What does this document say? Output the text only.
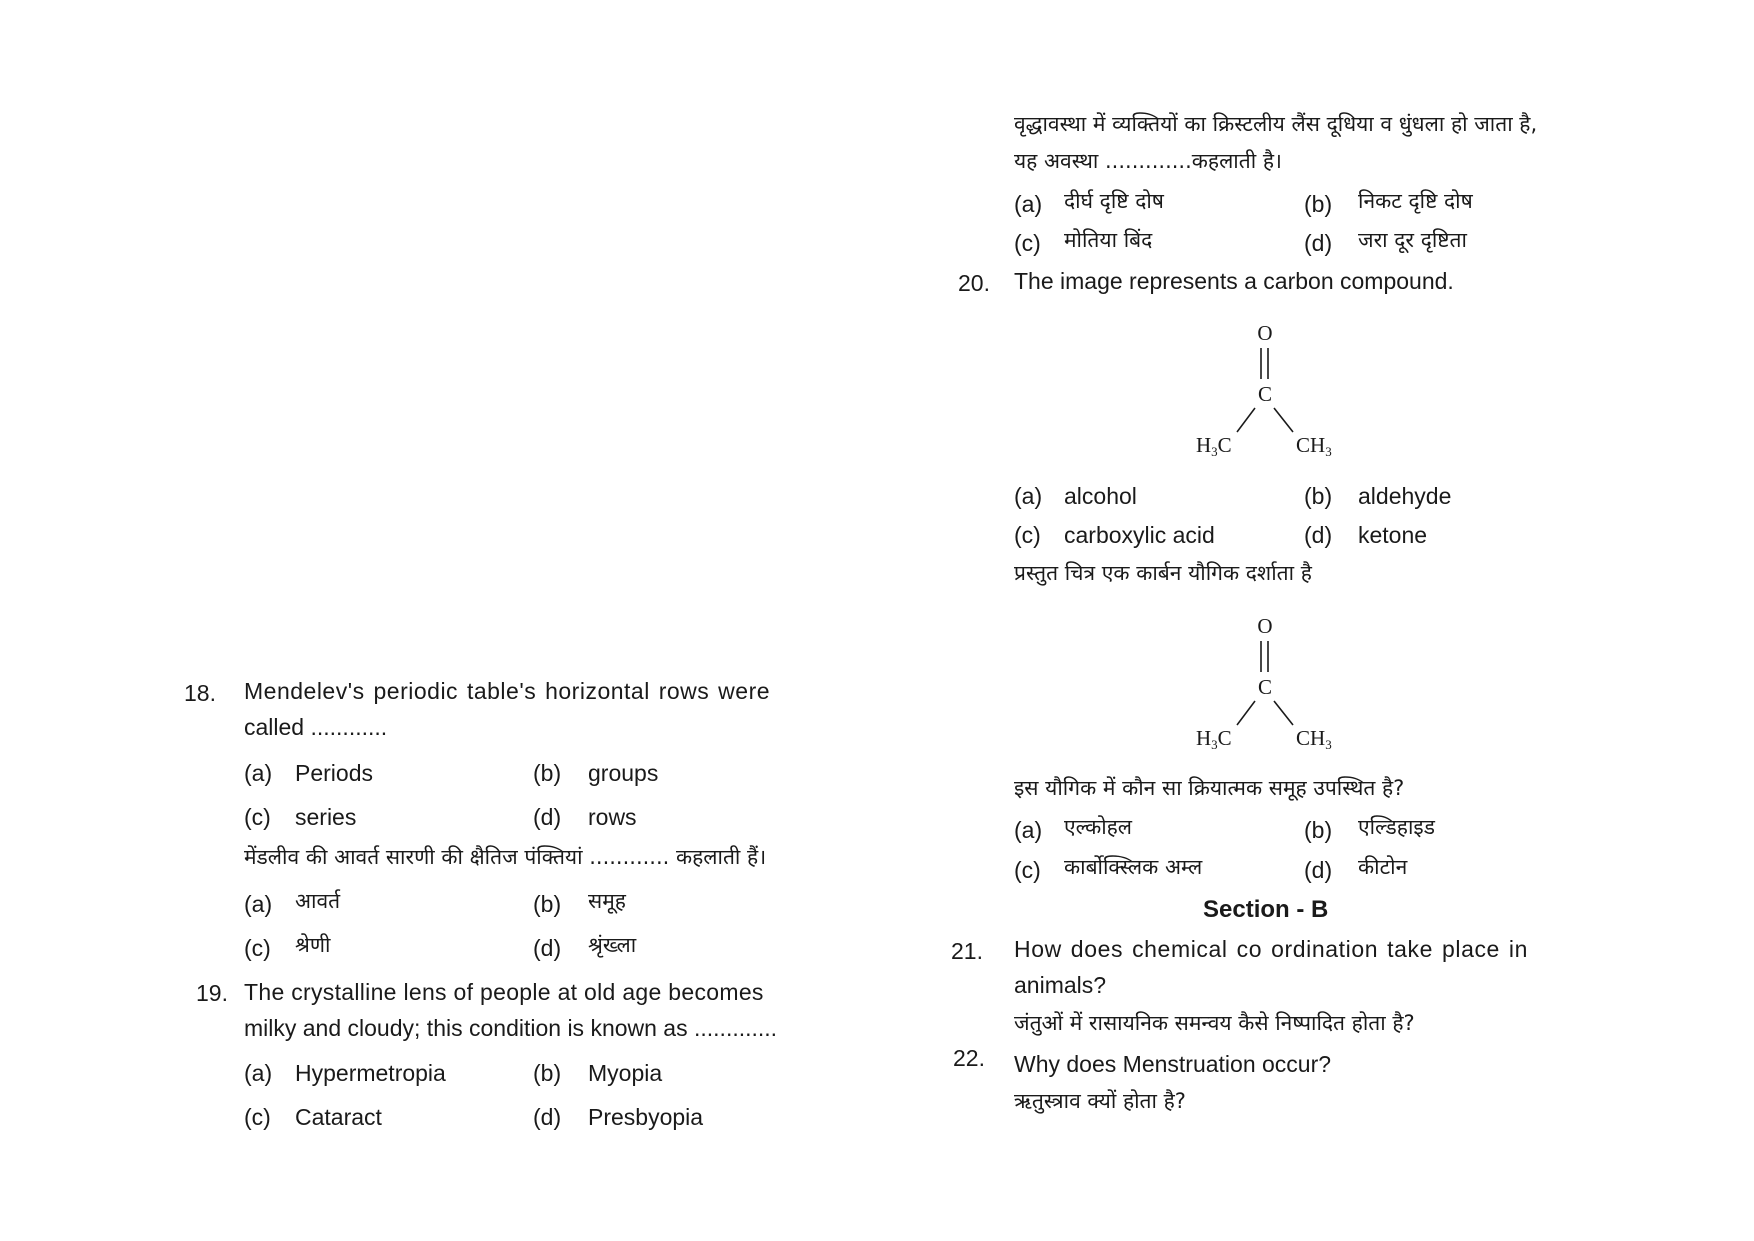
18. Mendelev's periodic table's horizontal rows were
called ............
(a) Periods	(b) groups
(c) series	(d) rows
मेंडलीव की आवर्त सारणी की क्षैतिज पंक्तियां ............ कहलाती हैं।
(a) आवर्त	(b) समूह
(c) श्रेणी	(d) श्रृंख्ला
19. The crystalline lens of people at old age becomes
milky and cloudy; this condition is known as .............
(a) Hypermetropia	(b) Myopia
(c) Cataract	(d) Presbyopia
वृद्धावस्था में व्यक्तियों का क्रिस्टलीय लैंस दूधिया व धुंधला हो जाता है,
यह अवस्था .............कहलाती है।
(a) दीर्घ दृष्टि दोष	(b) निकट दृष्टि दोष
(c) मोतिया बिंद	(d) जरा दूर दृष्टिता
20. The image represents a carbon compound.
O
C
H3C	CH3
(a) alcohol	(b) aldehyde
(c) carboxylic acid	(d) ketone
प्रस्तुत चित्र एक कार्बन यौगिक दर्शाता है
O
C
H3C	CH3
इस यौगिक में कौन सा क्रियात्मक समूह उपस्थित है?
(a) एल्कोहल	(b) एल्डिहाइड
(c) कार्बोक्स्लिक अम्ल	(d) कीटोन
Section - B
21. How does chemical co ordination take place in
animals?
जंतुओं में रासायनिक समन्वय कैसे निष्पादित होता है?
22. Why does Menstruation occur?
ऋतुस्त्राव क्यों होता है?
